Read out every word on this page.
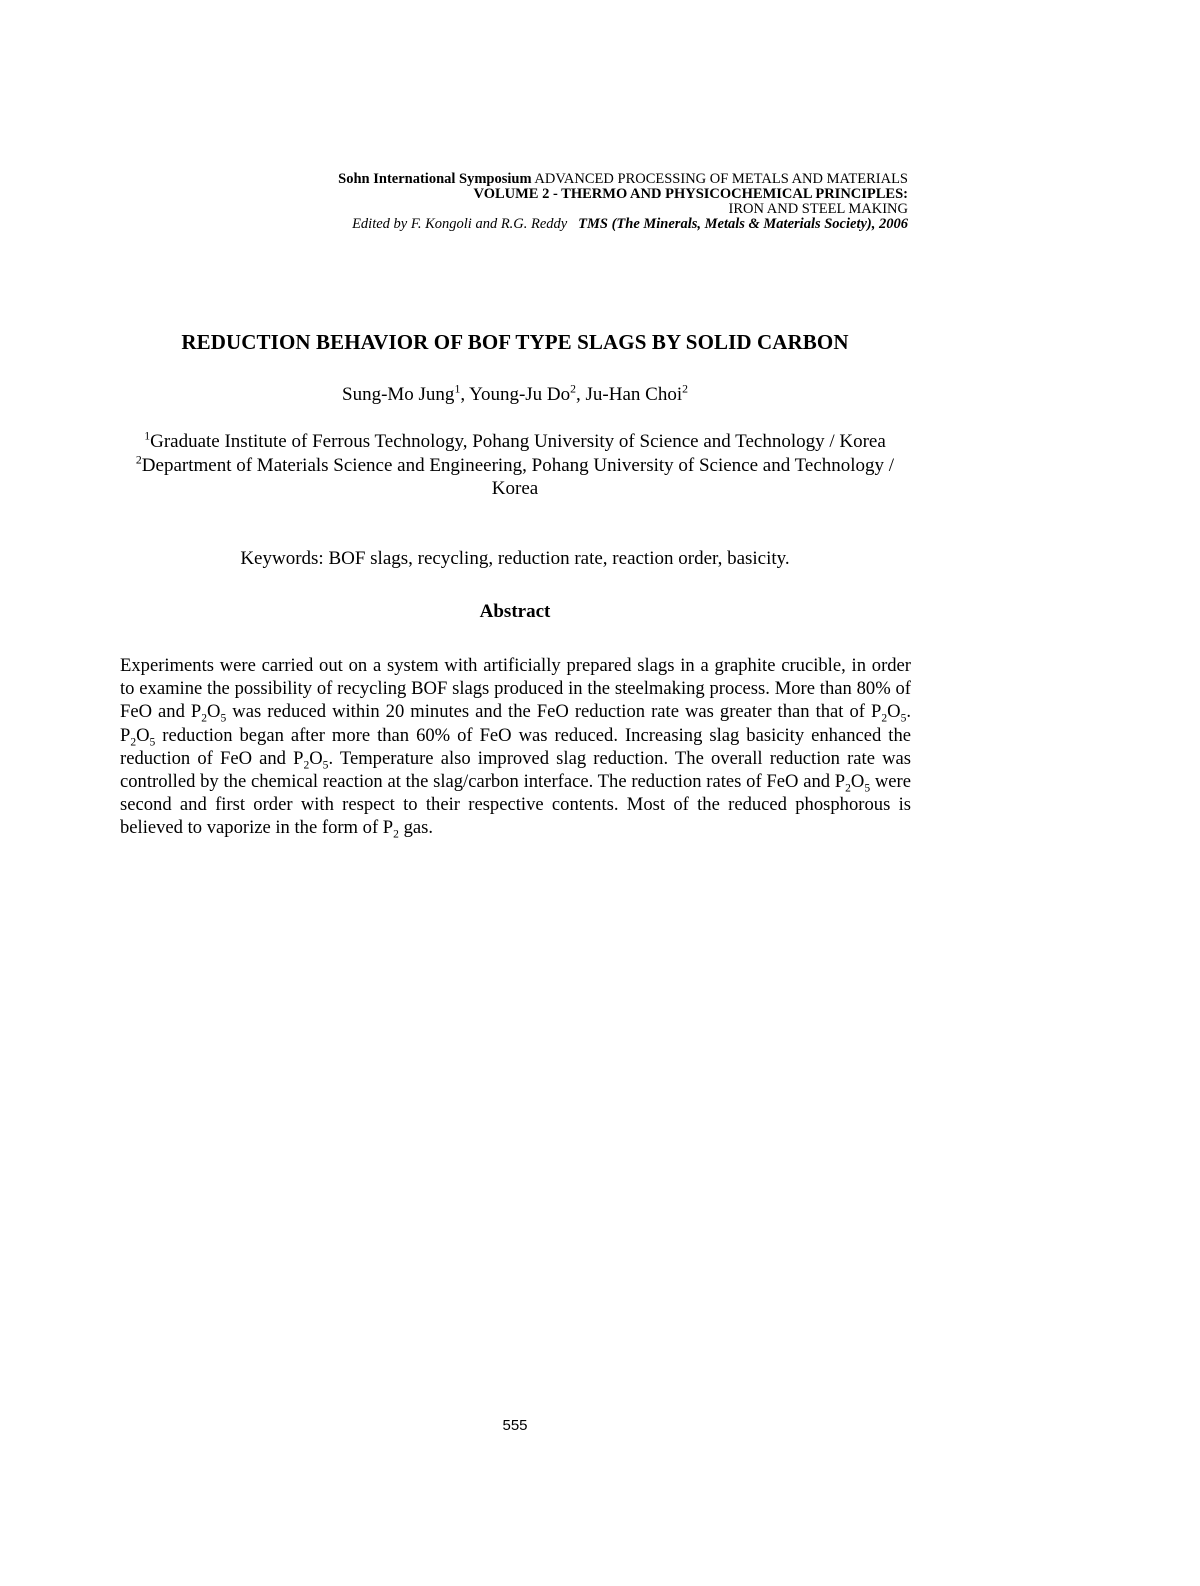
Sohn International Symposium ADVANCED PROCESSING OF METALS AND MATERIALS
VOLUME 2 - THERMO AND PHYSICOCHEMICAL PRINCIPLES:
IRON AND STEEL MAKING
Edited by F. Kongoli and R.G. Reddy TMS (The Minerals, Metals & Materials Society), 2006
REDUCTION BEHAVIOR OF BOF TYPE SLAGS BY SOLID CARBON
Sung-Mo Jung$^1$, Young-Ju Do$^2$, Ju-Han Choi$^2$
$^1$Graduate Institute of Ferrous Technology, Pohang University of Science and Technology / Korea
$^2$Department of Materials Science and Engineering, Pohang University of Science and Technology / Korea
Keywords: BOF slags, recycling, reduction rate, reaction order, basicity.
Abstract
Experiments were carried out on a system with artificially prepared slags in a graphite crucible, in order to examine the possibility of recycling BOF slags produced in the steelmaking process. More than 80% of FeO and $P_2O_5$ was reduced within 20 minutes and the FeO reduction rate was greater than that of $P_2O_5$. $P_2O_5$ reduction began after more than 60% of FeO was reduced. Increasing slag basicity enhanced the reduction of FeO and $P_2O_5$. Temperature also improved slag reduction. The overall reduction rate was controlled by the chemical reaction at the slag/carbon interface. The reduction rates of FeO and $P_2O_5$ were second and first order with respect to their respective contents. Most of the reduced phosphorous is believed to vaporize in the form of $P_2$ gas.
555
